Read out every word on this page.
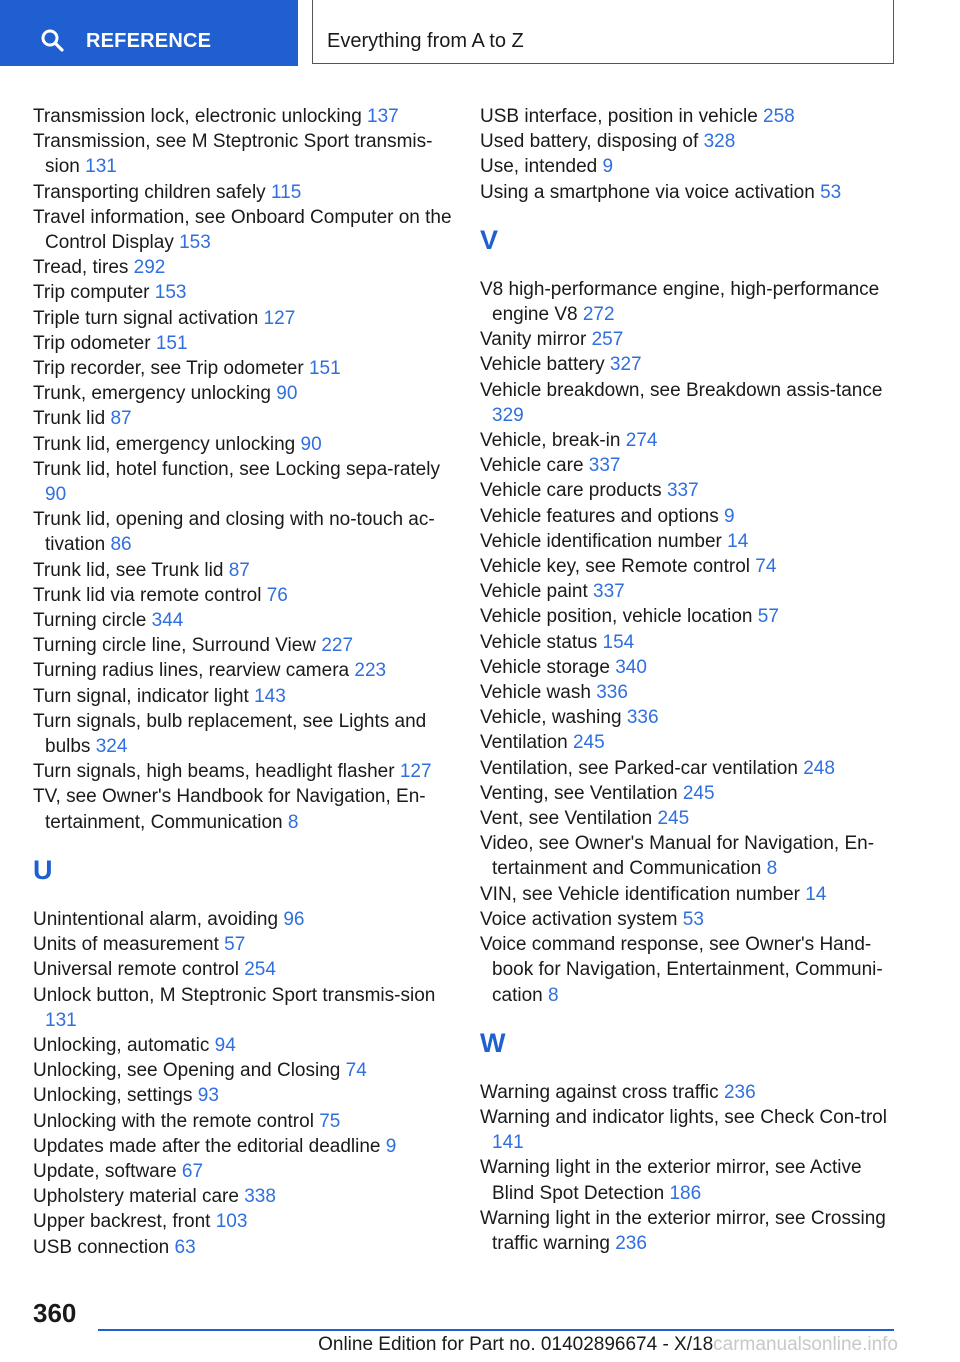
REFERENCE	Everything from A to Z

Transmission lock, electronic unlocking 137

Transmission, see M Steptronic Sport transmis-sion 131

Transporting children safely 115

Travel information, see Onboard Computer on the Control Display 153

Tread, tires 292

Trip computer 153

Triple turn signal activation 127

Trip odometer 151

Trip recorder, see Trip odometer 151

Trunk, emergency unlocking 90

Trunk lid 87

Trunk lid, emergency unlocking 90

Trunk lid, hotel function, see Locking sepa-rately 90

Trunk lid, opening and closing with no-touch ac-tivation 86

Trunk lid, see Trunk lid 87

Trunk lid via remote control 76

Turning circle 344

Turning circle line, Surround View 227

Turning radius lines, rearview camera 223

Turn signal, indicator light 143

Turn signals, bulb replacement, see Lights and bulbs 324

Turn signals, high beams, headlight flasher 127

TV, see Owner's Handbook for Navigation, En-tertainment, Communication 8

U

Unintentional alarm, avoiding 96

Units of measurement 57

Universal remote control 254

Unlock button, M Steptronic Sport transmis-sion 131

Unlocking, automatic 94

Unlocking, see Opening and Closing 74

Unlocking, settings 93

Unlocking with the remote control 75

Updates made after the editorial deadline 9

Update, software 67

Upholstery material care 338

Upper backrest, front 103

USB connection 63

USB interface, position in vehicle 258

Used battery, disposing of 328

Use, intended 9

Using a smartphone via voice activation 53

V

V8 high-performance engine, high-performance engine V8 272

Vanity mirror 257

Vehicle battery 327

Vehicle breakdown, see Breakdown assis-tance 329

Vehicle, break-in 274

Vehicle care 337

Vehicle care products 337

Vehicle features and options 9

Vehicle identification number 14

Vehicle key, see Remote control 74

Vehicle paint 337

Vehicle position, vehicle location 57

Vehicle status 154

Vehicle storage 340

Vehicle wash 336

Vehicle, washing 336

Ventilation 245

Ventilation, see Parked-car ventilation 248

Venting, see Ventilation 245

Vent, see Ventilation 245

Video, see Owner's Manual for Navigation, En-tertainment and Communication 8

VIN, see Vehicle identification number 14

Voice activation system 53

Voice command response, see Owner's Hand-book for Navigation, Entertainment, Communi-cation 8

W

Warning against cross traffic 236

Warning and indicator lights, see Check Con-trol 141

Warning light in the exterior mirror, see Active Blind Spot Detection 186

Warning light in the exterior mirror, see Crossing traffic warning 236

360
Online Edition for Part no. 01402896674 - X/18carmanualsonline.info
